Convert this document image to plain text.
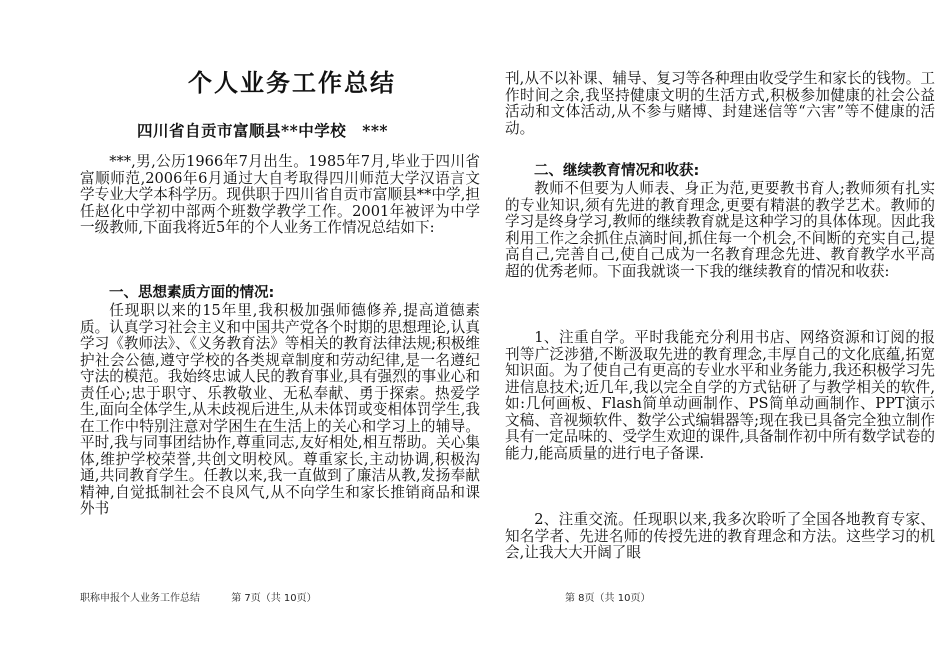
个人业务工作总结
四川省自贡市富顺县**中学校　***

***,男,公历1966年7月出生。1985年7月,毕业于四川省富顺师范,2006年6月通过大自考取得四川师范大学汉语言文学专业大学本科学历。现供职于四川省自贡市富顺县**中学,担任赵化中学初中部两个班数学教学工作。2001年被评为中学一级教师,下面我将近5年的个人业务工作情况总结如下:

一、思想素质方面的情况:

任现职以来的15年里,我积极加强师德修养,提高道德素质。认真学习社会主义和中国共产党各个时期的思想理论,认真学习《教师法》、《义务教育法》等相关的教育法律法规;积极维护社会公德,遵守学校的各类规章制度和劳动纪律,是一名遵纪守法的模范。我始终忠诚人民的教育事业,具有强烈的事业心和责任心;忠于职守、乐教敬业、无私奉献、勇于探索。热爱学生,面向全体学生,从未歧视后进生,从未体罚或变相体罚学生,我在工作中特别注意对学困生在生活上的关心和学习上的辅导。平时,我与同事团结协作,尊重同志,友好相处,相互帮助。关心集体,维护学校荣誉,共创文明校风。尊重家长,主动协调,积极沟通,共同教育学生。任教以来,我一直做到了廉洁从教,发扬奉献精神,自觉抵制社会不良风气,从不向学生和家长推销商品和课外书

职称申报个人业务工作总结	第 7页（共 10页）

刊,从不以补课、辅导、复习等各种理由收受学生和家长的钱物。工作时间之余,我坚持健康文明的生活方式,积极参加健康的社会公益活动和文体活动,从不参与赌博、封建迷信等“六害”等不健康的活动。

二、继续教育情况和收获:

教师不但要为人师表、身正为范,更要教书育人;教师须有扎实的专业知识,须有先进的教育理念,更要有精湛的教学艺术。教师的学习是终身学习,教师的继续教育就是这种学习的具体体现。因此我利用工作之余抓住点滴时间,抓住每一个机会,不间断的充实自己,提高自己,完善自己,使自己成为一名教育理念先进、教育教学水平高超的优秀老师。下面我就谈一下我的继续教育的情况和收获:

1、注重自学。平时我能充分利用书店、网络资源和订阅的报刊等广泛涉猎,不断汲取先进的教育理念,丰厚自己的文化底蕴,拓宽知识面。为了使自己有更高的专业水平和业务能力,我还积极学习先进信息技术;近几年,我以完全自学的方式钻研了与教学相关的软件,如:几何画板、Flash简单动画制作、PS简单动画制作、PPT演示文稿、音视频软件、数学公式编辑器等;现在我已具备完全独立制作具有一定品味的、受学生欢迎的课件,具备制作初中所有数学试卷的能力,能高质量的进行电子备课.

2、注重交流。任现职以来,我多次聆听了全国各地教育专家、知名学者、先进名师的传授先进的教育理念和方法。这些学习的机会,让我大大开阔了眼

第 8页（共 10页）
